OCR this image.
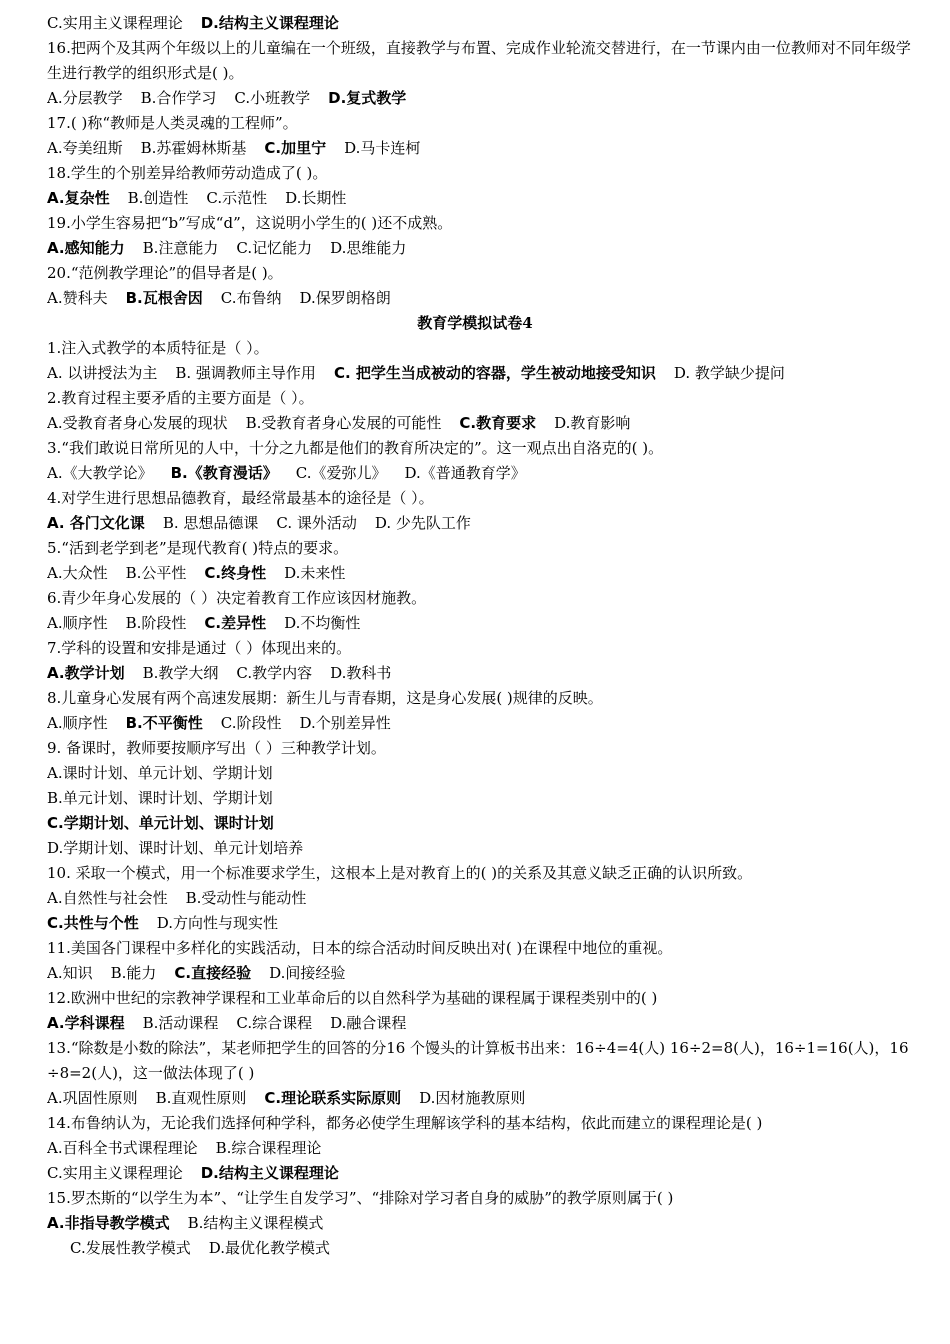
C.实用主义课程理论 D.结构主义课程理论
16.把两个及其两个年级以上的儿童编在一个班级，直接教学与布置、完成作业轮流交替进行，在一节课内由一位教师对不同年级学生进行教学的组织形式是( )。
A.分层教学 B.合作学习 C.小班教学 D.复式教学
17.( )称“教师是人类灵魂的工程师”。
A.夸美纽斯 B.苏霍姆林斯基 C.加里宁 D.马卡连柯
18.学生的个别差异给教师劳动造成了( )。
A.复杂性 B.创造性 C.示范性 D.长期性
19.小学生容易把“b”写成“d”，这说明小学生的( )还不成熟。
A.感知能力 B.注意能力 C.记忆能力 D.思维能力
20.“范例教学理论”的倡导者是( )。
A.赞科夫 B.瓦根舍因 C.布鲁纳 D.保罗朗格朗
教育学模拟试卷4
1.注入式教学的本质特征是（ ）。
A. 以讲授法为主 B. 强调教师主导作用 C. 把学生当成被动的容器，学生被动地接受知识 D. 教学缺少提问
2.教育过程主要矛盾的主要方面是（ ）。
A.受教育者身心发展的现状 B.受教育者身心发展的可能性 C.教育要求 D.教育影响
3.“我们敢说日常所见的人中，十分之九都是他们的教育所决定的”。这一观点出自洛克的( )。
A.《大教学论》 B.《教育漫话》 C.《爱弥儿》 D.《普通教育学》
4.对学生进行思想品德教育，最经常最基本的途径是（ ）。
A. 各门文化课 B. 思想品德课 C. 课外活动 D. 少先队工作
5.“活到老学到老”是现代教育( )特点的要求。
A.大众性 B.公平性 C.终身性 D.未来性
6.青少年身心发展的（ ）决定着教育工作应该因材施教。
A.顺序性 B.阶段性 C.差异性 D.不均衡性
7.学科的设置和安排是通过（ ）体现出来的。
A.教学计划 B.教学大纲 C.教学内容 D.教科书
8.儿童身心发展有两个高速发展期：新生儿与青春期，这是身心发展( )规律的反映。
A.顺序性 B.不平衡性 C.阶段性 D.个别差异性
9. 备课时，教师要按顺序写出（ ）三种教学计划。
A.课时计划、单元计划、学期计划
B.单元计划、课时计划、学期计划
C.学期计划、单元计划、课时计划
D.学期计划、课时计划、单元计划培养
10. 采取一个模式，用一个标准要求学生，这根本上是对教育上的( )的关系及其意义缺乏正确的认识所致。
A.自然性与社会性 B.受动性与能动性
C.共性与个性 D.方向性与现实性
11.美国各门课程中多样化的实践活动，日本的综合活动时间反映出对( )在课程中地位的重视。
A.知识 B.能力 C.直接经验 D.间接经验
12.欧洲中世纪的宗教神学课程和工业革命后的以自然科学为基础的课程属于课程类别中的( )
A.学科课程 B.活动课程 C.综合课程 D.融合课程
13.“除数是小数的除法”，某老师把学生的回答的分16 个馒头的计算板书出来：16÷4=4(人) 16÷2=8(人)，16÷1=16(人)，16 ÷8=2(人)，这一做法体现了( )
A.巩固性原则 B.直观性原则 C.理论联系实际原则 D.因材施教原则
14.布鲁纳认为，无论我们选择何种学科，都务必使学生理解该学科的基本结构，依此而建立的课程理论是( )
A.百科全书式课程理论 B.综合课程理论
C.实用主义课程理论 D.结构主义课程理论
15.罗杰斯的“以学生为本”、“让学生自发学习”、“排除对学习者自身的威胁”的教学原则属于( )
A.非指导教学模式 B.结构主义课程模式
C.发展性教学模式 D.最优化教学模式
